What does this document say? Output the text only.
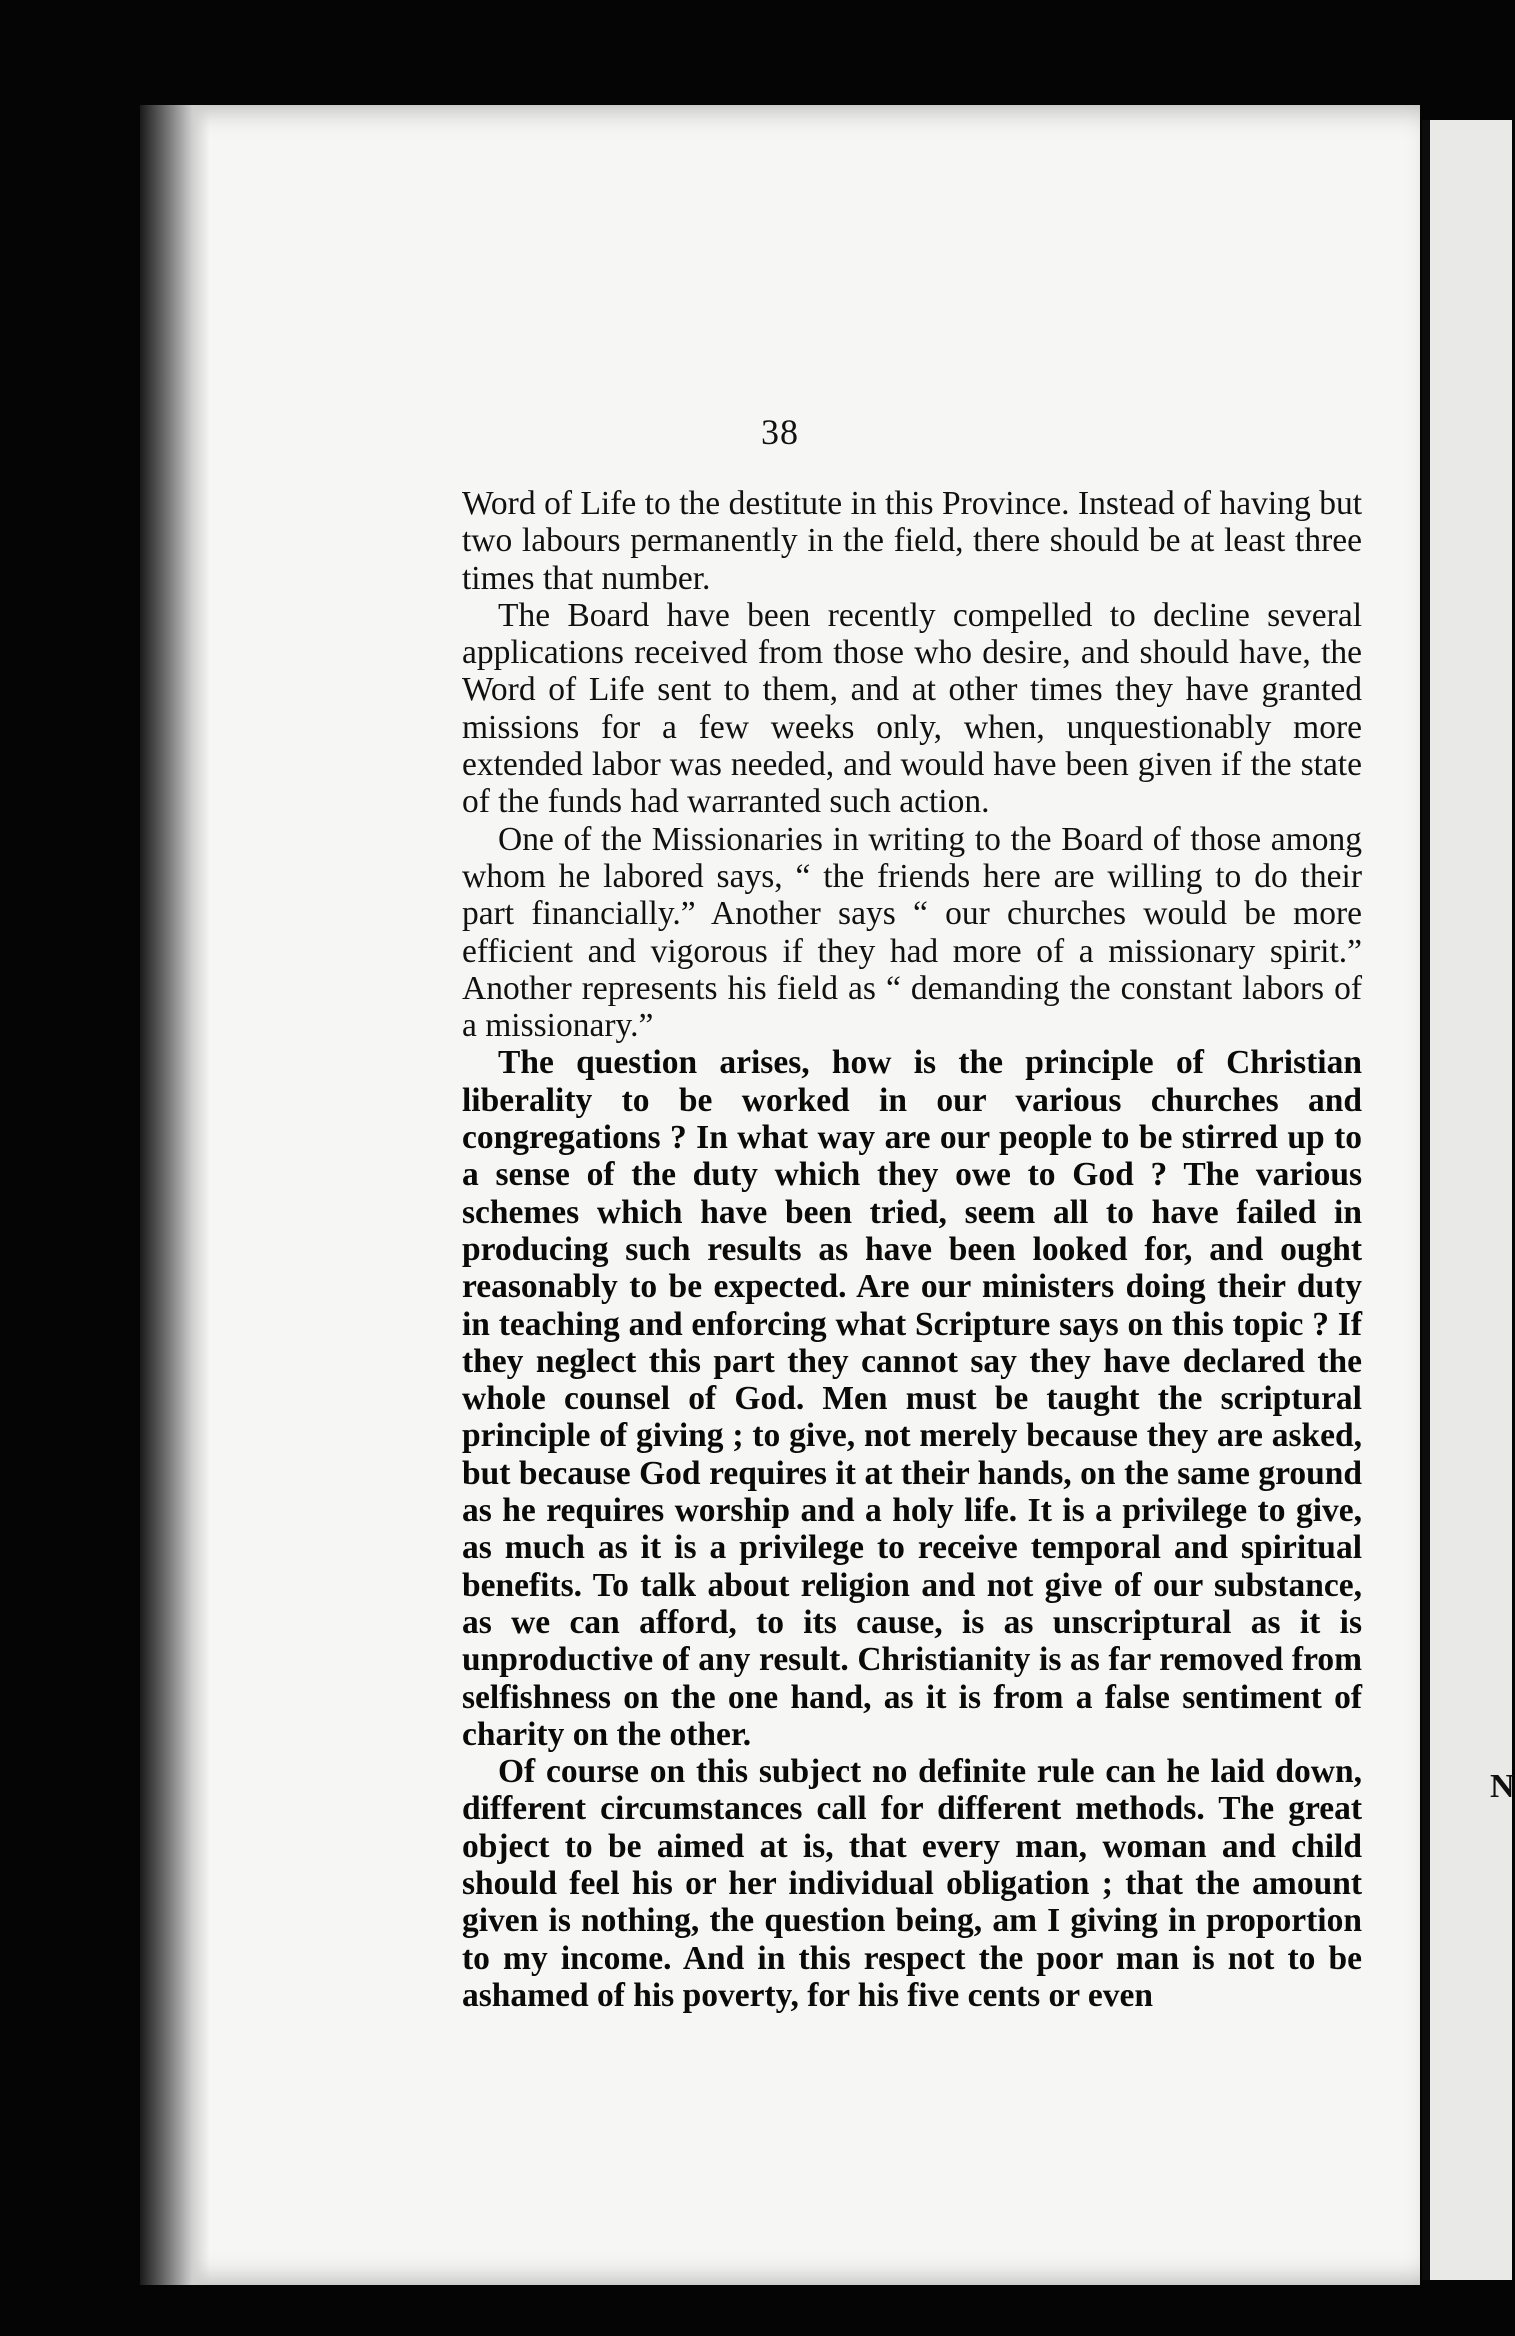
38

Word of Life to the destitute in this Province. Instead of having but two labours permanently in the field, there should be at least three times that number.

The Board have been recently compelled to decline several applications received from those who desire, and should have, the Word of Life sent to them, and at other times they have granted missions for a few weeks only, when, unquestionably more extended labor was needed, and would have been given if the state of the funds had warranted such action.

One of the Missionaries in writing to the Board of those among whom he labored says, “ the friends here are willing to do their part financially.” Another says “ our churches would be more efficient and vigorous if they had more of a missionary spirit.” Another represents his field as “ demanding the constant labors of a missionary.”

The question arises, how is the principle of Christian liberality to be worked in our various churches and congregations ? In what way are our people to be stirred up to a sense of the duty which they owe to God ? The various schemes which have been tried, seem all to have failed in producing such results as have been looked for, and ought reasonably to be expected. Are our ministers doing their duty in teaching and enforcing what Scripture says on this topic ? If they neglect this part they cannot say they have declared the whole counsel of God. Men must be taught the scriptural principle of giving ; to give, not merely because they are asked, but because God requires it at their hands, on the same ground as he requires worship and a holy life. It is a privilege to give, as much as it is a privilege to receive temporal and spiritual benefits. To talk about religion and not give of our substance, as we can afford, to its cause, is as unscriptural as it is unproductive of any result. Christianity is as far removed from selfishness on the one hand, as it is from a false sentiment of charity on the other.

Of course on this subject no definite rule can he laid down, different circumstances call for different methods. The great object to be aimed at is, that every man, woman and child should feel his or her individual obligation ; that the amount given is nothing, the question being, am I giving in proportion to my income. And in this respect the poor man is not to be ashamed of his poverty, for his five cents or even

N
